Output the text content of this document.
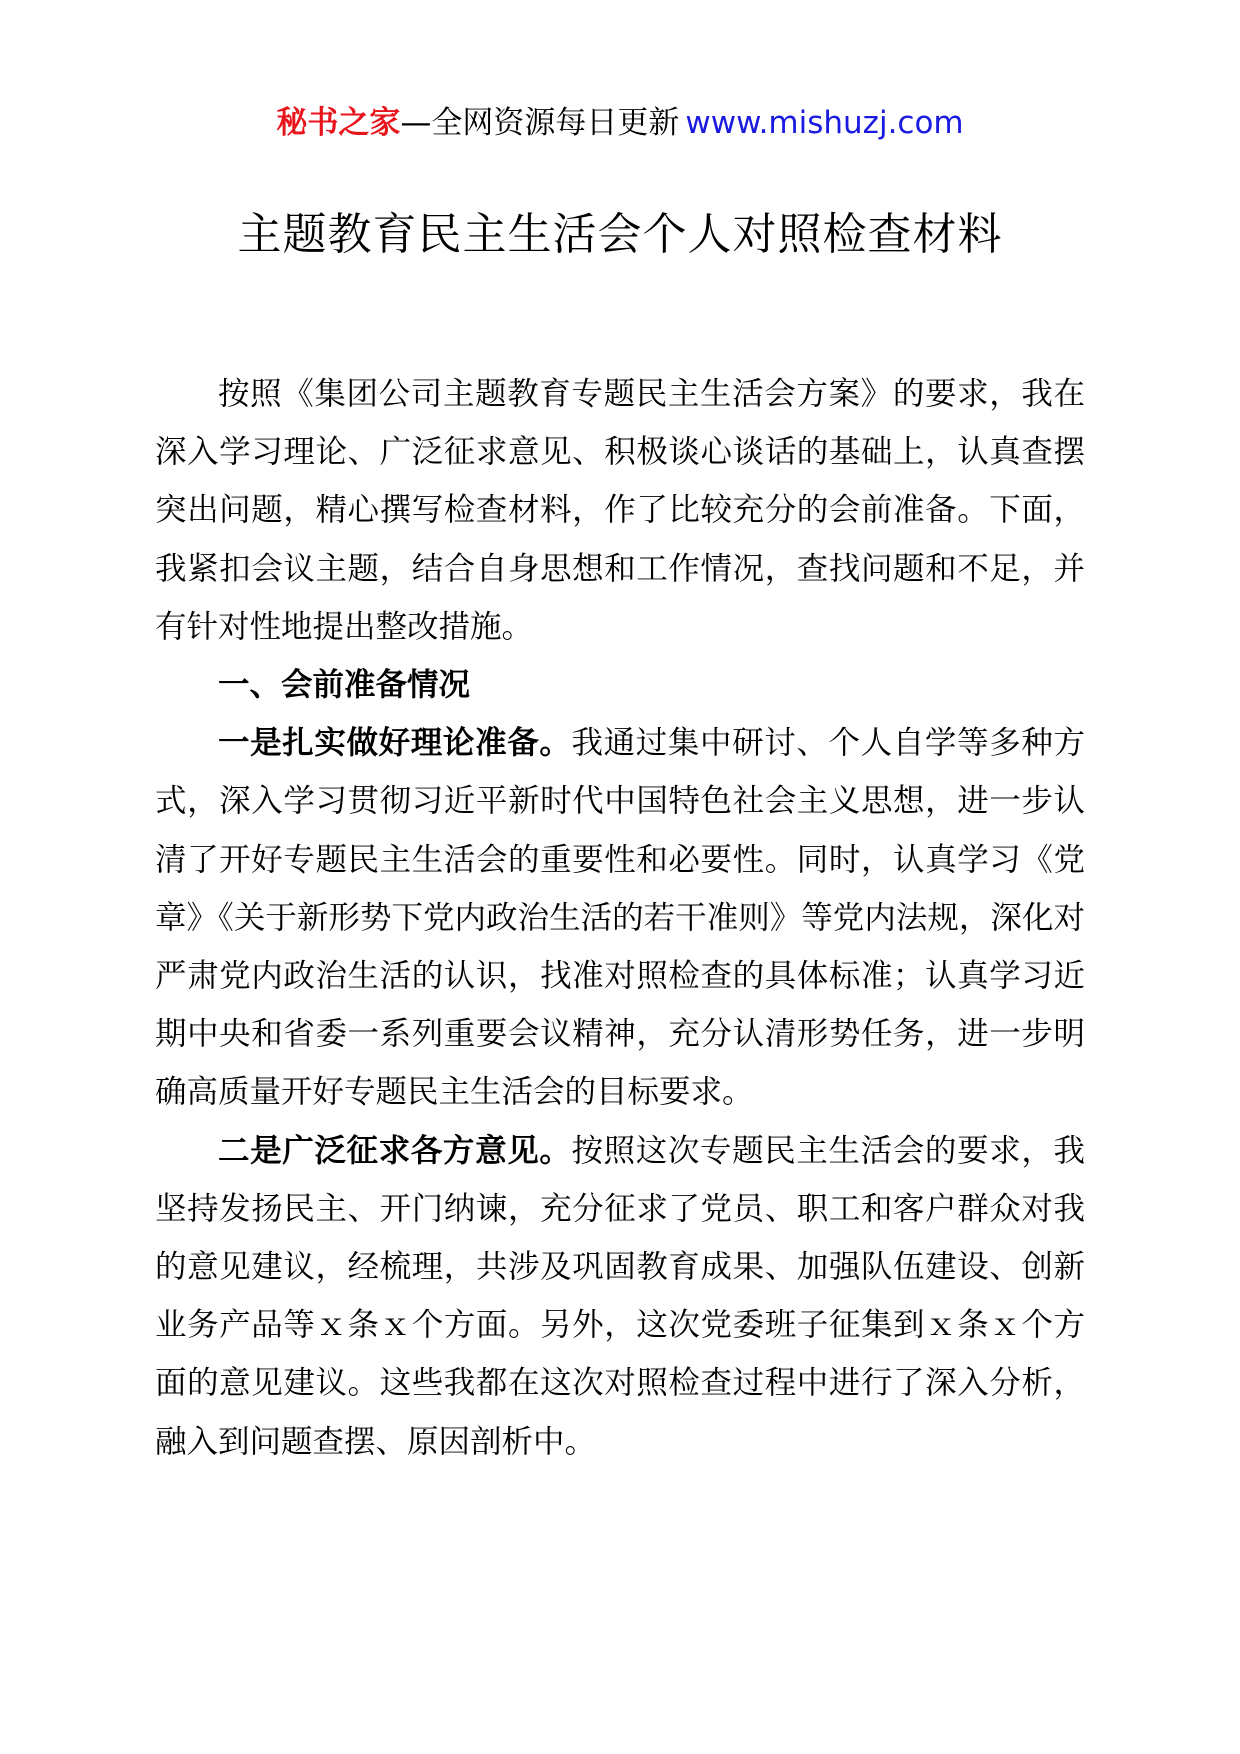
秘书之家—全网资源每日更新 www.mishuzj.com
主题教育民主生活会个人对照检查材料

按照《集团公司主题教育专题民主生活会方案》的要求，我在深入学习理论、广泛征求意见、积极谈心谈话的基础上，认真查摆突出问题，精心撰写检查材料，作了比较充分的会前准备。下面，我紧扣会议主题，结合自身思想和工作情况，查找问题和不足，并有针对性地提出整改措施。

一、会前准备情况

一是扎实做好理论准备。我通过集中研讨、个人自学等多种方式，深入学习贯彻习近平新时代中国特色社会主义思想，进一步认清了开好专题民主生活会的重要性和必要性。同时，认真学习《党章》《关于新形势下党内政治生活的若干准则》等党内法规，深化对严肃党内政治生活的认识，找准对照检查的具体标准；认真学习近期中央和省委一系列重要会议精神，充分认清形势任务，进一步明确高质量开好专题民主生活会的目标要求。

二是广泛征求各方意见。按照这次专题民主生活会的要求，我坚持发扬民主、开门纳谏，充分征求了党员、职工和客户群众对我的意见建议，经梳理，共涉及巩固教育成果、加强队伍建设、创新业务产品等ｘ条ｘ个方面。另外，这次党委班子征集到ｘ条ｘ个方面的意见建议。这些我都在这次对照检查过程中进行了深入分析，融入到问题查摆、原因剖析中。
